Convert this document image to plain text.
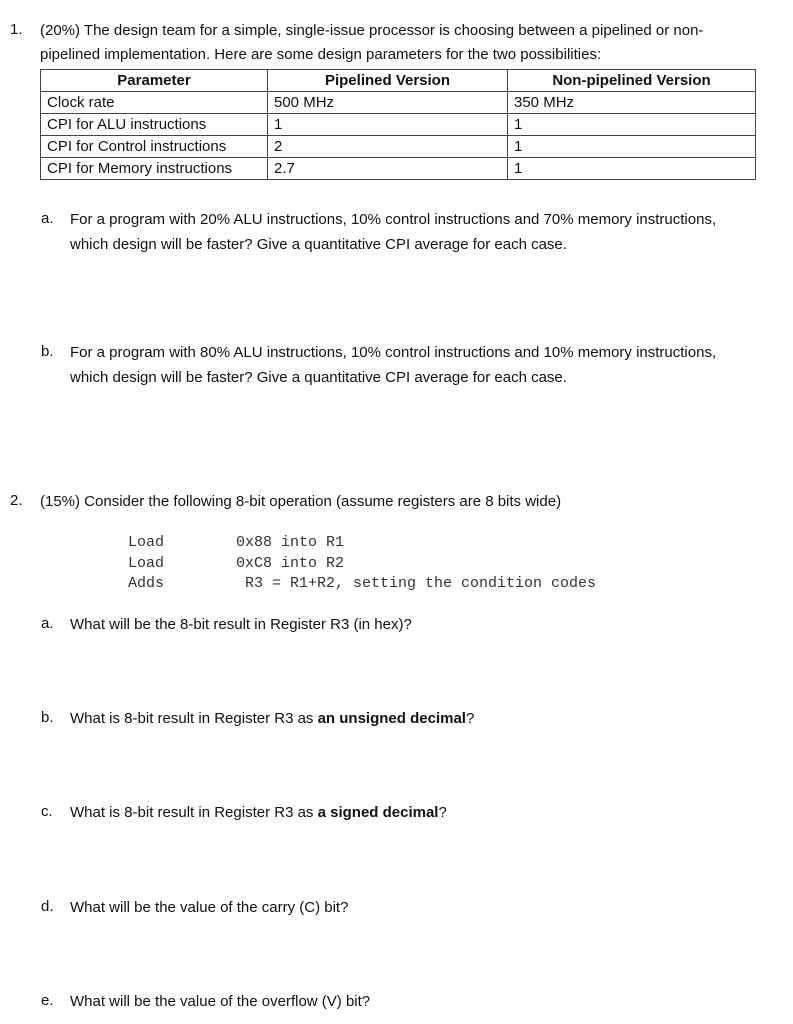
1. (20%) The design team for a simple, single-issue processor is choosing between a pipelined or non-
pipelined implementation. Here are some design parameters for the two possibilities:
Parameter	Pipelined Version	Non-pipelined Version
Clock rate	500 MHz	350 MHz
CPI for ALU instructions	1	1
CPI for Control instructions	2	1
CPI for Memory instructions	2.7	1
a. For a program with 20% ALU instructions, 10% control instructions and 70% memory instructions,
which design will be faster? Give a quantitative CPI average for each case.
b. For a program with 80% ALU instructions, 10% control instructions and 10% memory instructions,
which design will be faster? Give a quantitative CPI average for each case.
2. (15%) Consider the following 8-bit operation (assume registers are 8 bits wide)
Load	0x88 into R1
Load	0xC8 into R2
Adds	R3 = R1+R2, setting the condition codes
a. What will be the 8-bit result in Register R3 (in hex)?
b. What is 8-bit result in Register R3 as an unsigned decimal?
c. What is 8-bit result in Register R3 as a signed decimal?
d. What will be the value of the carry (C) bit?
e. What will be the value of the overflow (V) bit?
